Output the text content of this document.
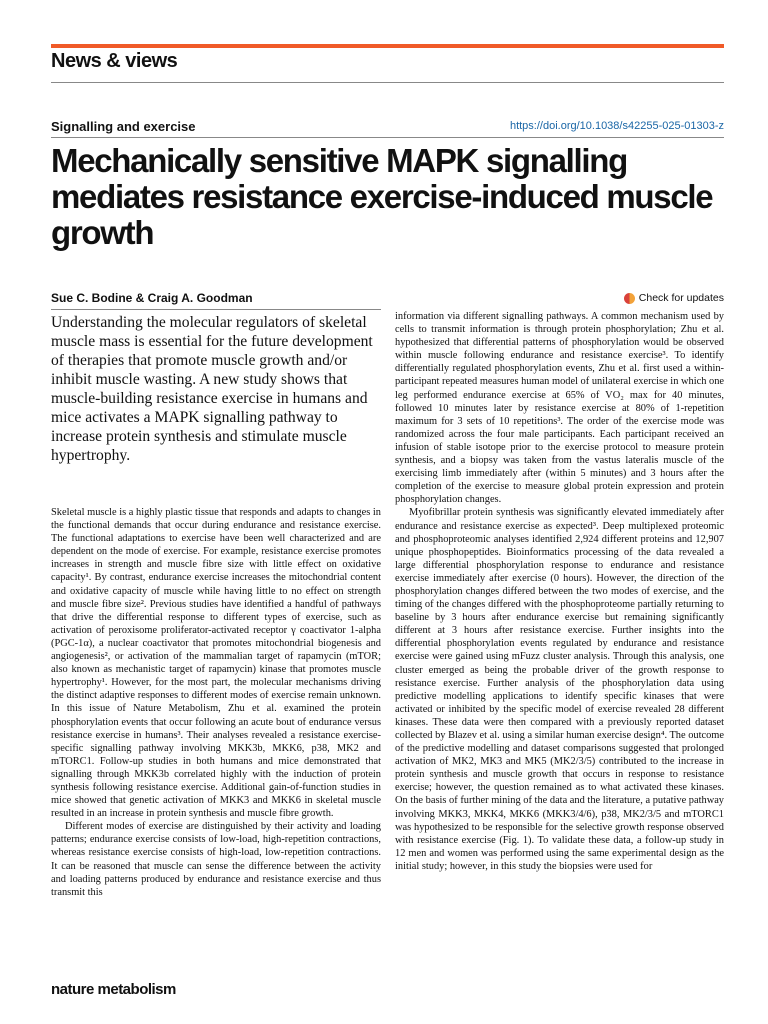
News & views
Signalling and exercise	https://doi.org/10.1038/s42255-025-01303-z
Mechanically sensitive MAPK signalling mediates resistance exercise-induced muscle growth
Sue C. Bodine & Craig A. Goodman	Check for updates

Understanding the molecular regulators of skeletal muscle mass is essential for the future development of therapies that promote muscle growth and/or inhibit muscle wasting. A new study shows that muscle-building resistance exercise in humans and mice activates a MAPK signalling pathway to increase protein synthesis and stimulate muscle hypertrophy.

Skeletal muscle is a highly plastic tissue that responds and adapts to changes in the functional demands that occur during endurance and resistance exercise. The functional adaptations to exercise have been well characterized and are dependent on the mode of exercise. For example, resistance exercise promotes increases in strength and muscle fibre size with little effect on oxidative capacity¹. By contrast, endurance exercise increases the mitochondrial content and oxidative capacity of muscle while having little to no effect on strength and muscle fibre size². Previous studies have identified a handful of pathways that drive the differential response to different types of exercise, such as activation of peroxisome proliferator-activated receptor γ coactivator 1-alpha (PGC-1α), a nuclear coactivator that promotes mitochondrial biogenesis and angiogenesis², or activation of the mammalian target of rapamycin (mTOR; also known as mechanistic target of rapamycin) kinase that promotes muscle hypertrophy¹. However, for the most part, the molecular mechanisms driving the distinct adaptive responses to different modes of exercise remain unknown. In this issue of Nature Metabolism, Zhu et al. examined the protein phosphorylation events that occur following an acute bout of endurance versus resistance exercise in humans³. Their analyses revealed a resistance exercise-specific signalling pathway involving MKK3b, MKK6, p38, MK2 and mTORC1. Follow-up studies in both humans and mice demonstrated that signalling through MKK3b correlated highly with the induction of protein synthesis following resistance exercise. Additional gain-of-function studies in mice showed that genetic activation of MKK3 and MKK6 in skeletal muscle resulted in an increase in protein synthesis and muscle fibre growth.

Different modes of exercise are distinguished by their activity and loading patterns; endurance exercise consists of low-load, high-repetition contractions, whereas resistance exercise consists of high-load, low-repetition contractions. It can be reasoned that muscle can sense the difference between the activity and loading patterns produced by endurance and resistance exercise and thus transmit this

information via different signalling pathways. A common mechanism used by cells to transmit information is through protein phosphorylation; Zhu et al. hypothesized that differential patterns of phosphorylation would be observed within muscle following endurance and resistance exercise³. To identify differentially regulated phosphorylation events, Zhu et al. first used a within-participant repeated measures human model of unilateral exercise in which one leg performed endurance exercise at 65% of VO₂ max for 40 minutes, followed 10 minutes later by resistance exercise at 80% of 1-repetition maximum for 3 sets of 10 repetitions³. The order of the exercise mode was randomized across the four male participants. Each participant received an infusion of stable isotope prior to the exercise protocol to measure protein synthesis, and a biopsy was taken from the vastus lateralis muscle of the exercising limb immediately after (within 5 minutes) and 3 hours after the completion of the exercise to measure global protein expression and protein phosphorylation changes.

Myofibrillar protein synthesis was significantly elevated immediately after endurance and resistance exercise as expected³. Deep multiplexed proteomic and phosphoproteomic analyses identified 2,924 different proteins and 12,907 unique phosphopeptides. Bioinformatics processing of the data revealed a large differential phosphorylation response to endurance and resistance exercise immediately after exercise (0 hours). However, the direction of the phosphorylation changes differed between the two modes of exercise, and the timing of the changes differed with the phosphoproteome partially returning to baseline by 3 hours after endurance exercise but remaining significantly different at 3 hours after resistance exercise. Further insights into the differential phosphorylation events regulated by endurance and resistance exercise were gained using mFuzz cluster analysis. Through this analysis, one cluster emerged as being the probable driver of the growth response to resistance exercise. Further analysis of the phosphorylation data using predictive modelling applications to identify specific kinases that were activated or inhibited by the specific model of exercise revealed 28 different kinases. These data were then compared with a previously reported dataset collected by Blazev et al. using a similar human exercise design⁴. The outcome of the predictive modelling and dataset comparisons suggested that prolonged activation of MK2, MK3 and MK5 (MK2/3/5) contributed to the increase in protein synthesis and muscle growth that occurs in response to resistance exercise; however, the question remained as to what activated these kinases. On the basis of further mining of the data and the literature, a putative pathway involving MKK3, MKK4, MKK6 (MKK3/4/6), p38, MK2/3/5 and mTORC1 was hypothesized to be responsible for the selective growth response observed with resistance exercise (Fig. 1). To validate these data, a follow-up study in 12 men and women was performed using the same experimental design as the initial study; however, in this study the biopsies were used for

nature metabolism
